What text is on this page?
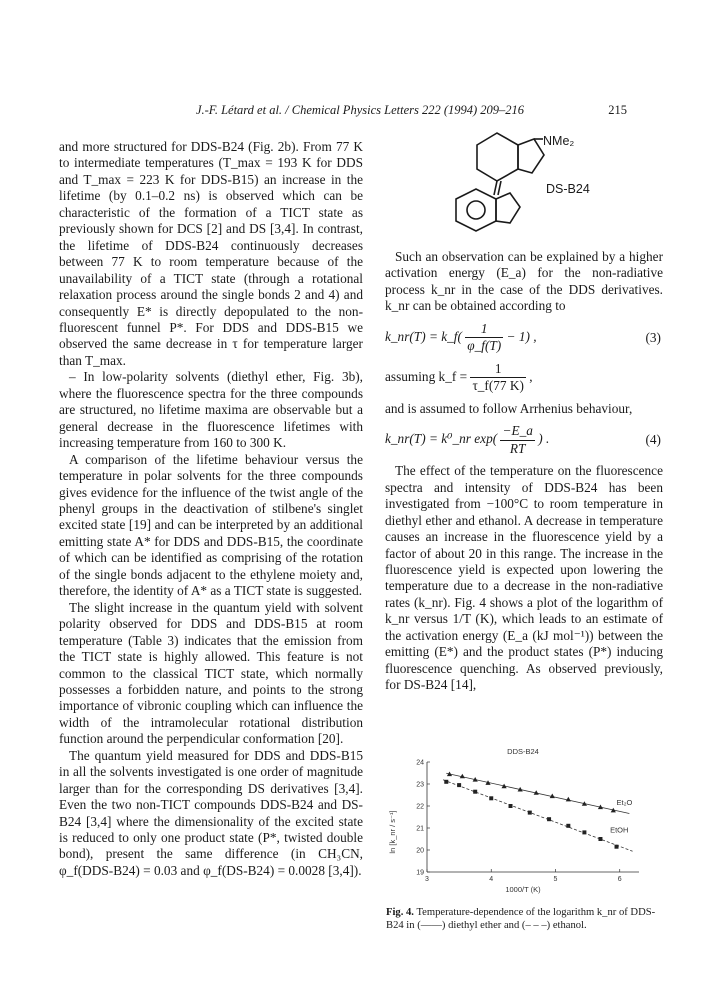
J.-F. Létard et al. / Chemical Physics Letters 222 (1994) 209–216	215

and more structured for DDS-B24 (Fig. 2b). From 77 K to intermediate temperatures (T_max = 193 K for DDS and T_max = 223 K for DDS-B15) an increase in the lifetime (by 0.1–0.2 ns) is observed which can be characteristic of the formation of a TICT state as previously shown for DCS [2] and DS [3,4]. In contrast, the lifetime of DDS-B24 continuously decreases between 77 K to room temperature because of the unavailability of a TICT state (through a rotational relaxation process around the single bonds 2 and 4) and consequently E* is directly depopulated to the non-fluorescent funnel P*. For DDS and DDS-B15 we observed the same decrease in τ for temperature larger than T_max.

– In low-polarity solvents (diethyl ether, Fig. 3b), where the fluorescence spectra for the three compounds are structured, no lifetime maxima are observable but a general decrease in the fluorescence lifetimes with increasing temperature from 160 to 300 K.

A comparison of the lifetime behaviour versus the temperature in polar solvents for the three compounds gives evidence for the influence of the twist angle of the phenyl groups in the deactivation of stilbene's singlet excited state [19] and can be interpreted by an additional emitting state A* for DDS and DDS-B15, the coordinate of which can be identified as comprising of the rotation of the single bonds adjacent to the ethylene moiety and, therefore, the identity of A* as a TICT state is suggested.

The slight increase in the quantum yield with solvent polarity observed for DDS and DDS-B15 at room temperature (Table 3) indicates that the emission from the TICT state is highly allowed. This feature is not common to the classical TICT state, which normally possesses a forbidden nature, and points to the strong importance of vibronic coupling which can influence the width of the intramolecular rotational distribution function around the perpendicular conformation [20].

The quantum yield measured for DDS and DDS-B15 in all the solvents investigated is one order of magnitude larger than for the corresponding DS derivatives [3,4]. Even the two non-TICT compounds DDS-B24 and DS-B24 [3,4] where the dimensionality of the excited state is reduced to only one product state (P*, twisted double bond), present the same difference (in CH₃CN, φ_f(DDS-B24) = 0.03 and φ_f(DS-B24) = 0.0028 [3,4]).

NMe₂
DS-B24

Such an observation can be explained by a higher activation energy (E_a) for the non-radiative process k_nr in the case of the DDS derivatives. k_nr can be obtained according to

k_nr(T) = k_f( $\frac{1}{\varphi\_f(T)} - 1$) ,	(3)
assuming k_f = $\frac{1}{\tau\_f(77 K)}$ ,

and is assumed to follow Arrhenius behaviour,

k_nr(T) = k⁰_nr $\exp( \frac{-E\_a}{RT}$ ) .	(4)

The effect of the temperature on the fluorescence spectra and intensity of DDS-B24 has been investigated from −100°C to room temperature in diethyl ether and ethanol. A decrease in temperature causes an increase in the fluorescence yield by a factor of about 20 in this range. The increase in the fluorescence yield is expected upon lowering the temperature due to a decrease in the non-radiative rates (k_nr). Fig. 4 shows a plot of the logarithm of k_nr versus 1/T (K), which leads to an estimate of the activation energy (E_a (kJ mol⁻¹)) between the emitting (E*) and the product states (P*) inducing fluorescence quenching. As observed previously, for DS-B24 [14],

DDS-B24
ln [k_nr / s⁻¹]
1000/T (K)
3	4	5	6
19
20
21
22
23
24
Et₂O
EtOH
Fig. 4. Temperature-dependence of the logarithm k_nr of DDS-B24 in (——) diethyl ether and (– – –) ethanol.
